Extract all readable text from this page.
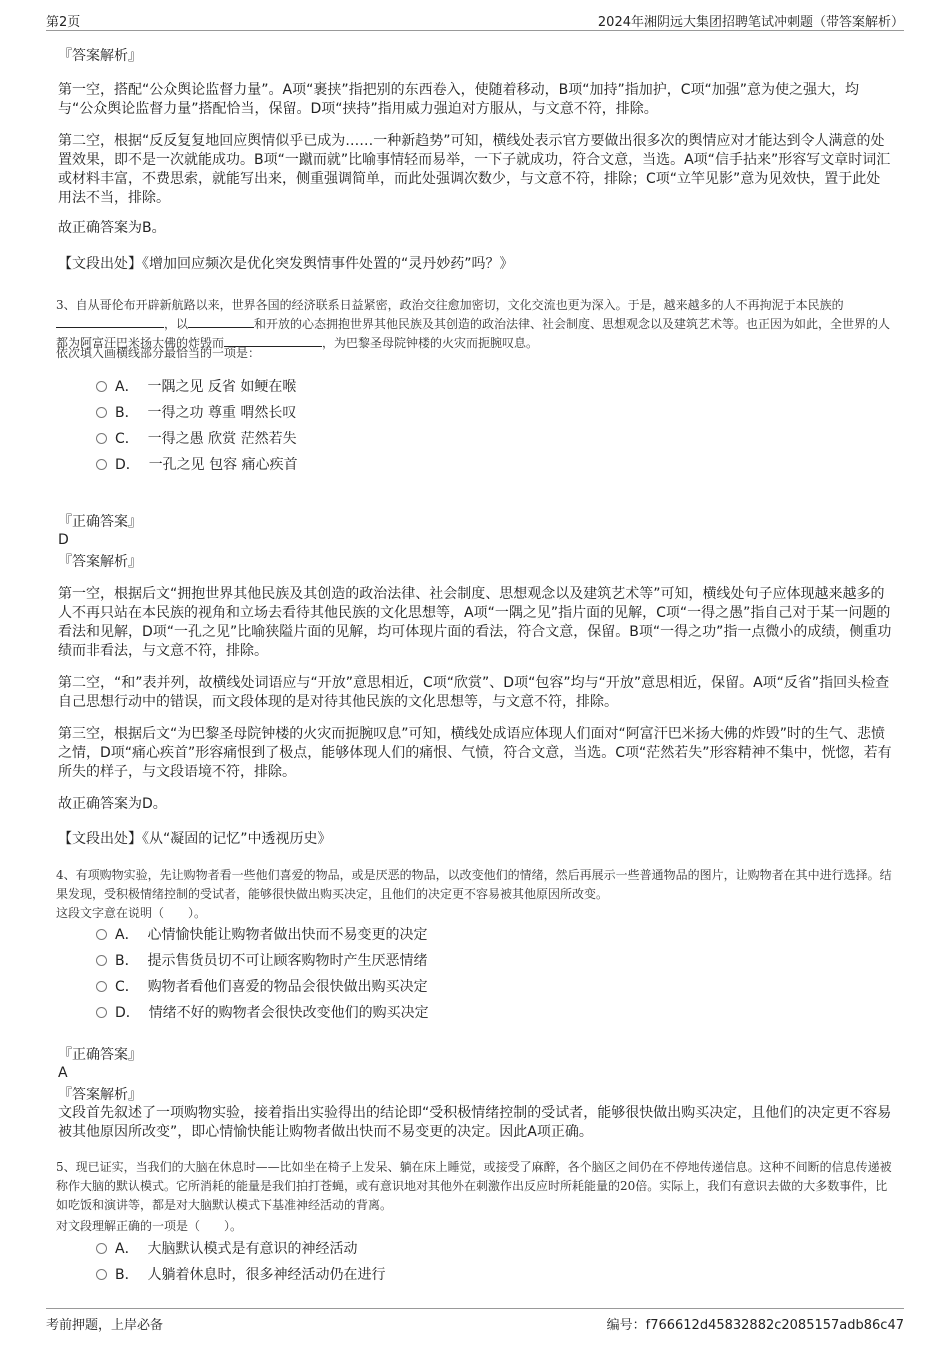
第2页	2024年湘阴远大集团招聘笔试冲刺题（带答案解析）
『答案解析』

第一空，搭配“公众舆论监督力量”。A项“裹挟”指把别的东西卷入，使随着移动，B项“加持”指加护，C项“加强”意为使之强大，均与“公众舆论监督力量”搭配恰当，保留。D项“挟持”指用威力强迫对方服从，与文意不符，排除。

第二空，根据“反反复复地回应舆情似乎已成为……一种新趋势”可知，横线处表示官方要做出很多次的舆情应对才能达到令人满意的处置效果，即不是一次就能成功。B项“一蹴而就”比喻事情轻而易举，一下子就成功，符合文意，当选。A项“信手拈来”形容写文章时词汇或材料丰富，不费思索，就能写出来，侧重强调简单，而此处强调次数少，与文意不符，排除；C项“立竿见影”意为见效快，置于此处用法不当，排除。

故正确答案为B。
【文段出处】《增加回应频次是优化突发舆情事件处置的“灵丹妙药”吗？》

3、自从哥伦布开辟新航路以来，世界各国的经济联系日益紧密，政治交往愈加密切，文化交流也更为深入。于是，越来越多的人不再拘泥于本民族的，以	和开放的心态拥抱世界其他民族及其创造的政治法律、社会制度、思想观念以及建筑艺术等。也正因为如此，全世界的人都为阿富汗巴米扬大佛的炸毁而	，为巴黎圣母院钟楼的火灾而扼腕叹息。

依次填入画横线部分最恰当的一项是：
A． 一隅之见 反省 如鲠在喉
B． 一得之功 尊重 喟然长叹
C． 一得之愚 欣赏 茫然若失
D． 一孔之见 包容 痛心疾首
『正确答案』
D
『答案解析』

第一空，根据后文“拥抱世界其他民族及其创造的政治法律、社会制度、思想观念以及建筑艺术等”可知，横线处句子应体现越来越多的人不再只站在本民族的视角和立场去看待其他民族的文化思想等，A项“一隅之见”指片面的见解，C项“一得之愚”指自己对于某一问题的看法和见解，D项“一孔之见”比喻狭隘片面的见解，均可体现片面的看法，符合文意，保留。B项“一得之功”指一点微小的成绩，侧重功绩而非看法，与文意不符，排除。

第二空，“和”表并列，故横线处词语应与“开放”意思相近，C项“欣赏”、D项“包容”均与“开放”意思相近，保留。A项“反省”指回头检查自己思想行动中的错误，而文段体现的是对待其他民族的文化思想等，与文意不符，排除。

第三空，根据后文“为巴黎圣母院钟楼的火灾而扼腕叹息”可知，横线处成语应体现人们面对“阿富汗巴米扬大佛的炸毁”时的生气、悲愤之情，D项“痛心疾首”形容痛恨到了极点，能够体现人们的痛恨、气愤，符合文意，当选。C项“茫然若失”形容精神不集中，恍惚，若有所失的样子，与文段语境不符，排除。

故正确答案为D。
【文段出处】《从“凝固的记忆”中透视历史》

4、有项购物实验，先让购物者看一些他们喜爱的物品，或是厌恶的物品，以改变他们的情绪，然后再展示一些普通物品的图片，让购物者在其中进行选择。结果发现，受积极情绪控制的受试者，能够很快做出购买决定，且他们的决定更不容易被其他原因所改变。

这段文字意在说明（　　）。
A． 心情愉快能让购物者做出快而不易变更的决定
B． 提示售货员切不可让顾客购物时产生厌恶情绪
C． 购物者看他们喜爱的物品会很快做出购买决定
D． 情绪不好的购物者会很快改变他们的购买决定
『正确答案』
A
『答案解析』

文段首先叙述了一项购物实验，接着指出实验得出的结论即“受积极情绪控制的受试者，能够很快做出购买决定，且他们的决定更不容易被其他原因所改变”，即心情愉快能让购物者做出快而不易变更的决定。因此A项正确。

5、现已证实，当我们的大脑在休息时——比如坐在椅子上发呆、躺在床上睡觉，或接受了麻醉，各个脑区之间仍在不停地传递信息。这种不间断的信息传递被称作大脑的默认模式。它所消耗的能量是我们拍打苍蝇，或有意识地对其他外在刺激作出反应时所耗能量的20倍。实际上，我们有意识去做的大多数事件，比如吃饭和演讲等，都是对大脑默认模式下基准神经活动的背离。

对文段理解正确的一项是（　　）。
A． 大脑默认模式是有意识的神经活动
B． 人躺着休息时，很多神经活动仍在进行
考前押题，上岸必备	编号：f766612d45832882c2085157adb86c47
